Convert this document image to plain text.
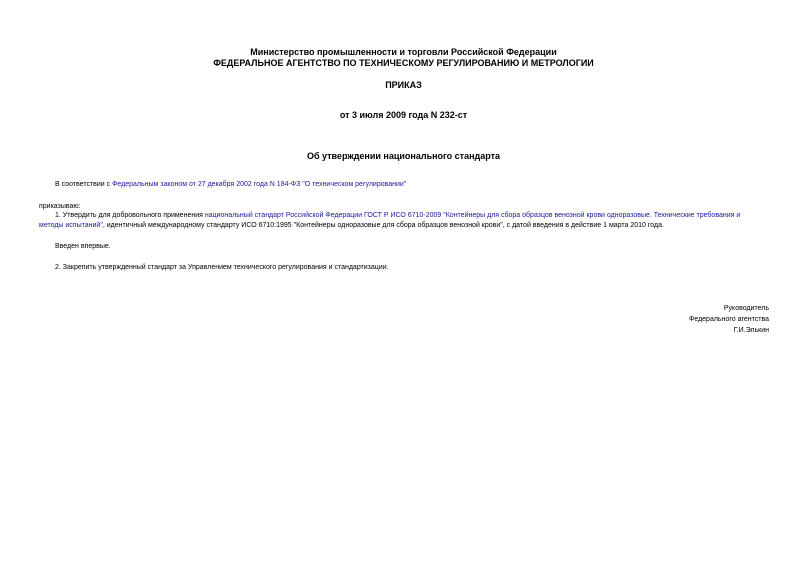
Министерство промышленности и торговли Российской Федерации
ФЕДЕРАЛЬНОЕ АГЕНТСТВО ПО ТЕХНИЧЕСКОМУ РЕГУЛИРОВАНИЮ И МЕТРОЛОГИИ
ПРИКАЗ
от 3 июля 2009 года N 232-ст
Об утверждении национального стандарта
В соответствии с Федеральным законом от 27 декабря 2002 года N 184-ФЗ "О техническом регулировании"
приказываю:
1. Утвердить для добровольного применения национальный стандарт Российской Федерации ГОСТ Р ИСО 6710-2009 "Контейнеры для сбора образцов венозной крови одноразовые. Технические требования и
методы испытаний", идентичный международному стандарту ИСО 6710:1995 "Контейнеры одноразовые для сбора образцов венозной крови", с датой введения в действие 1 марта 2010 года.
Введен впервые.
2. Закрепить утвержденный стандарт за Управлением технического регулирования и стандартизации.
Руководитель
Федерального агентства
Г.И.Элькин
